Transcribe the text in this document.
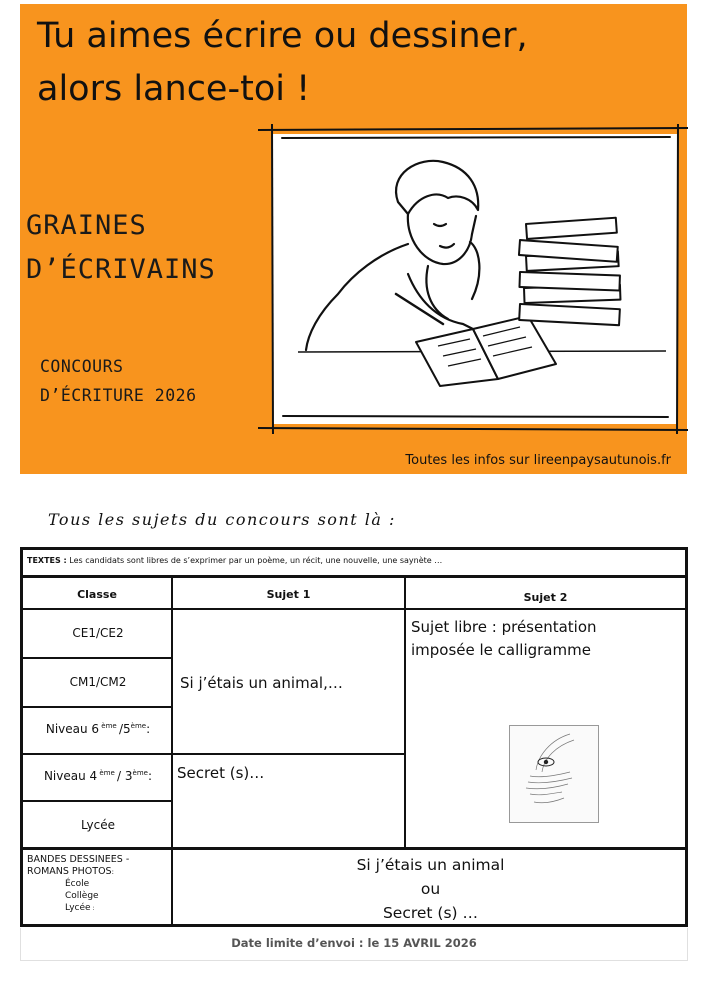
Tu aimes écrire ou dessiner,
alors lance-toi !
GRAINES
D’ÉCRIVAINS
CONCOURS
D’ÉCRITURE 2026
Toutes les infos sur lireenpaysautunois.fr
Tous les sujets du concours sont là :
TEXTES : Les candidats sont libres de s’exprimer par un poème, un récit, une nouvelle, une saynète …
Classe	Sujet 1	Sujet 2
CE1/CE2
CM1/CM2
Niveau 6 $^{ème}$ /5ème:
Niveau 4 $^{ème}$ / 3ème:
Lycée
Si j’étais un animal,…
Secret (s)…
Sujet libre : présentation imposée le calligramme
BANDES DESSINEES -
ROMANS PHOTOS:
École
Collège
Lycée :
Si j’étais un animal
ou
Secret (s) …
Date limite d’envoi : le 15 AVRIL 2026
